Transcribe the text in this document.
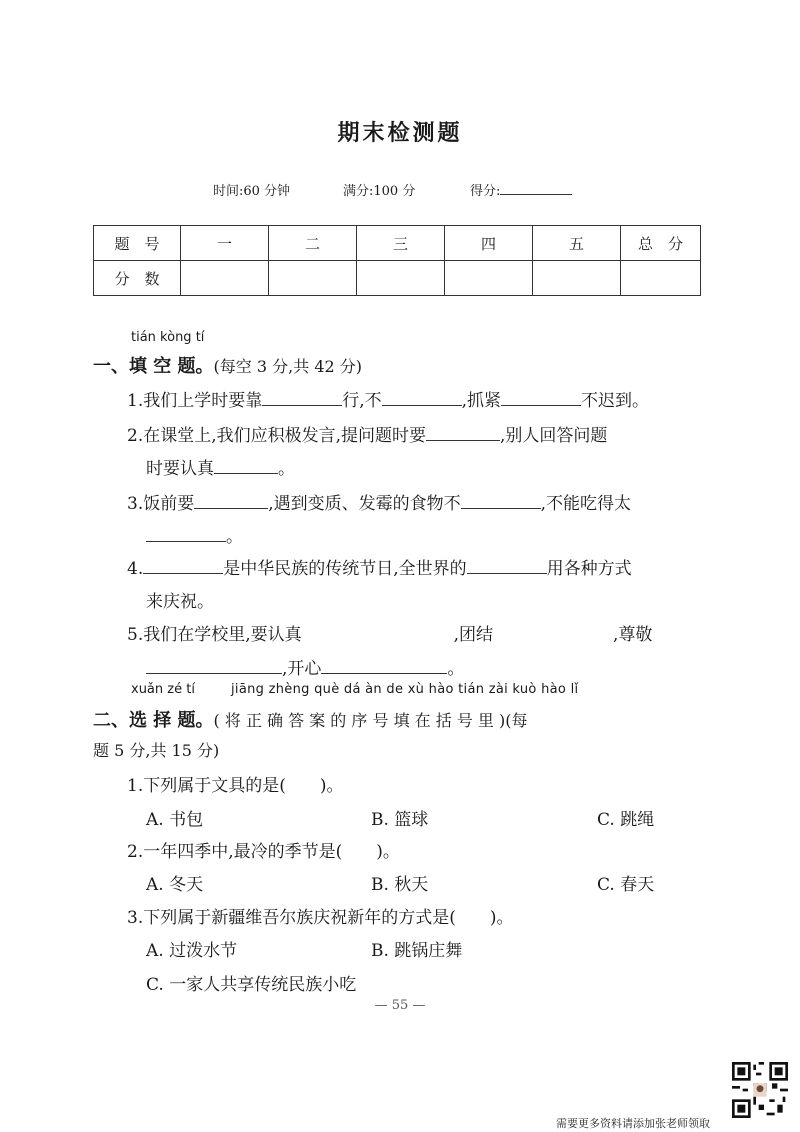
期末检测题
时间:60 分钟	满分:100 分	得分:
题　号	一	二	三	四	五	总　分
分　数						
tián kòng tí
一、填 空 题。(每空 3 分,共 42 分)
1.我们上学时要靠	行,不	,抓紧	不迟到。
2.在课堂上,我们应积极发言,提问题时要	,别人回答问题
时要认真	。
3.饭前要	,遇到变质、发霉的食物不	,不能吃得太
。
4.	是中华民族的传统节日,全世界的	用各种方式
来庆祝。
5.我们在学校里,要认真	,团结	,尊敬
,开心	。
xuǎn zé tí	jiāng zhèng què dá àn de xù hào tián zài kuò hào lǐ
二、选 择 题。( 将 正 确 答 案 的 序 号 填 在 括 号 里 )(每
题 5 分,共 15 分)
1.下列属于文具的是( )。
A. 书包	B. 篮球	C. 跳绳
2.一年四季中,最冷的季节是( )。
A. 冬天	B. 秋天	C. 春天
3.下列属于新疆维吾尔族庆祝新年的方式是( )。
A. 过泼水节	B. 跳锅庄舞
C. 一家人共享传统民族小吃
— 55 —
需要更多资料请添加张老师领取
